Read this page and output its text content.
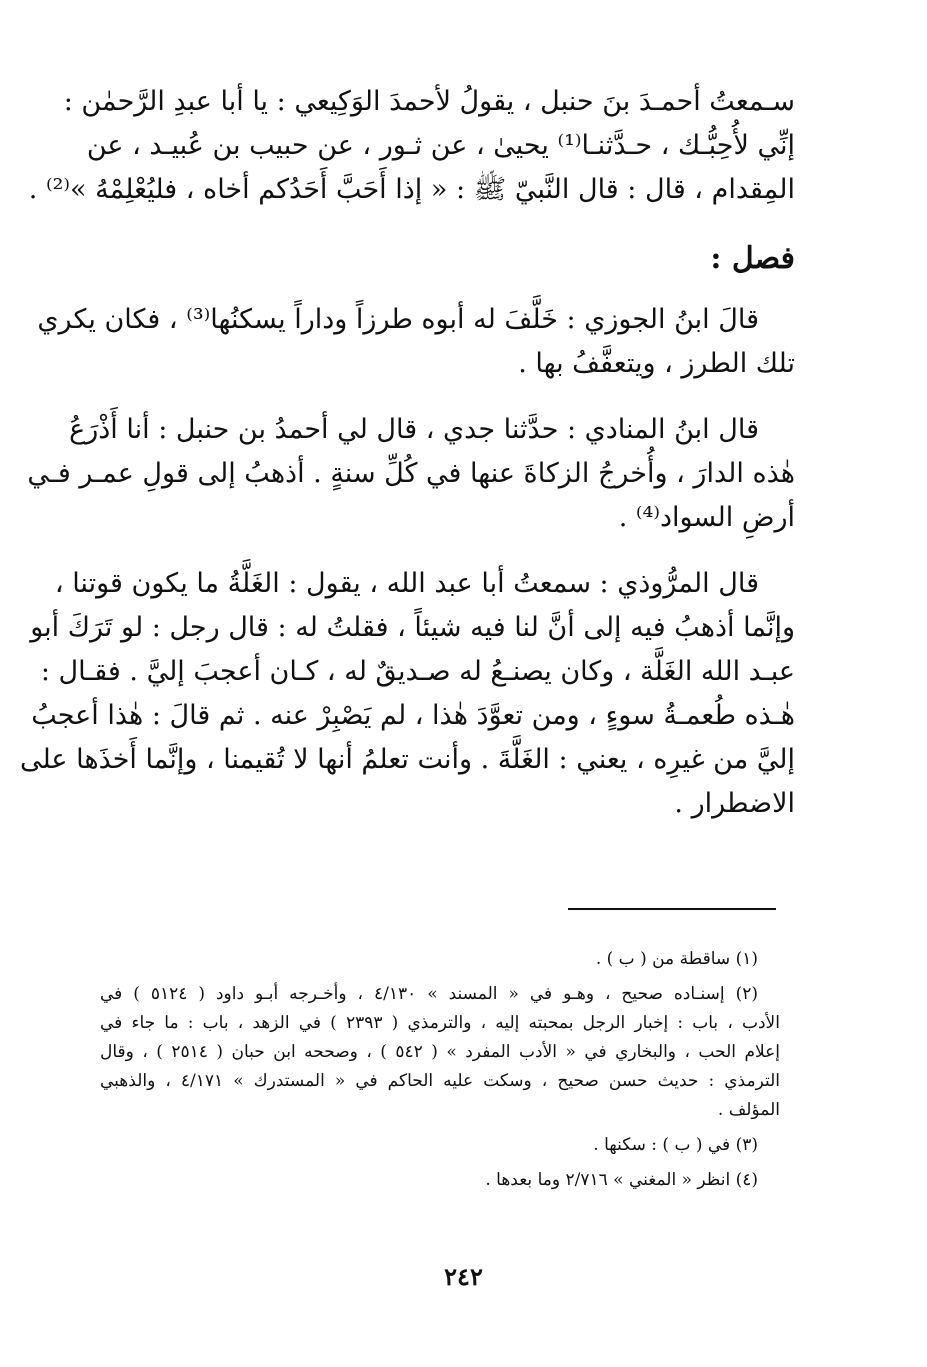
سـمعتُ أحمـدَ بنَ حنبل ، يقولُ لأحمدَ الوَكِيعي : يا أبا عبدِ الرَّحمٰن :
إنِّي لأُحِبُّـك ، حـدَّثنـا⁽¹⁾ يحيىٰ ، عن ثـور ، عن حبيب بن عُبيـد ، عن
المِقدام ، قال : قال النَّبيّ ﷺ : « إذا أَحَبَّ أَحَدُكم أخاه ، فليُعْلِمْهُ »⁽²⁾ .
فصل :
قالَ ابنُ الجوزي : خَلَّفَ له أبوه طرزاً وداراً يسكنُها⁽³⁾ ، فكان يكري
تلك الطرز ، ويتعفَّفُ بها .
قال ابنُ المنادي : حدَّثنا جدي ، قال لي أحمدُ بن حنبل : أنا أَذْرَعُ
هٰذه الدارَ ، وأُخرجُ الزكاةَ عنها في كُلِّ سنةٍ . أذهبُ إلى قولِ عمـر فـي
أرضِ السواد⁽⁴⁾ .
قال المرُّوذي : سمعتُ أبا عبد الله ، يقول : الغَلَّةُ ما يكون قوتنا ،
وإنَّما أذهبُ فيه إلى أنَّ لنا فيه شيئاً ، فقلتُ له : قال رجل : لو تَرَكَ أبو
عبـد الله الغَلَّة ، وكان يصنـعُ له صـديقٌ له ، كـان أعجبَ إليَّ . فقـال :
هٰـذه طُعمـةُ سوءٍ ، ومن تعوَّدَ هٰذا ، لم يَصْبِرْ عنه . ثم قالَ : هٰذا أعجبُ
إليَّ من غيرِه ، يعني : الغَلَّةَ . وأنت تعلمُ أنها لا تُقيمنا ، وإنَّما أَخذَها على
الاضطرار .
(١) ساقطة من ( ب ) .
(٢) إسنـاده صحيح ، وهـو في « المسند » ٤/١٣٠ ، وأخـرجه أبـو داود ( ٥١٢٤ ) في
الأدب ، باب : إخبار الرجل بمحبته إليه ، والترمذي ( ٢٣٩٣ ) في الزهد ، باب : ما جاء في
إعلام الحب ، والبخاري في « الأدب المفرد » ( ٥٤٢ ) ، وصححه ابن حبان ( ٢٥١٤ ) ، وقال
الترمذي : حديث حسن صحيح ، وسكت عليه الحاكم في « المستدرك » ٤/١٧١ ، والذهبي
المؤلف .
(٣) في ( ب ) : سكنها .
(٤) انظر « المغني » ٢/٧١٦ وما بعدها .
٢٤٢
